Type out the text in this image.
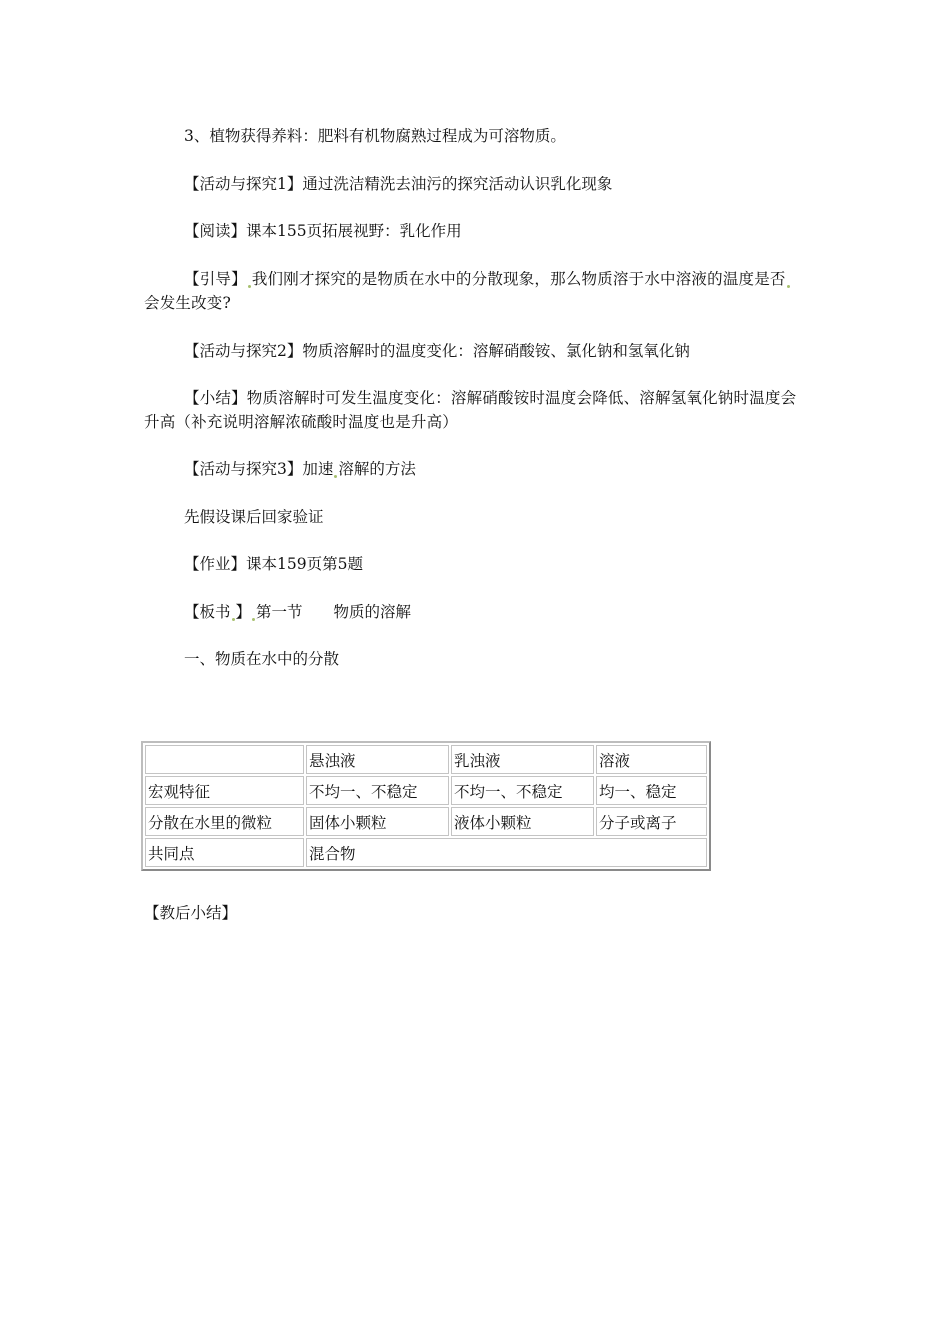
3、植物获得养料：肥料有机物腐熟过程成为可溶物质。
【活动与探究1】通过洗洁精洗去油污的探究活动认识乳化现象
【阅读】课本155页拓展视野：乳化作用
【引导】 我们刚才探究的是物质在水中的分散现象，那么物质溶于水中溶液的温度是否会发生改变?
【活动与探究2】物质溶解时的温度变化：溶解硝酸铵、氯化钠和氢氧化钠
【小结】物质溶解时可发生温度变化：溶解硝酸铵时温度会降低、溶解氢氧化钠时温度会升高（补充说明溶解浓硫酸时温度也是升高）
【活动与探究3】加速 溶解的方法
先假设课后回家验证
【作业】课本159页第5题
【板书 】 第一节　　物质的溶解
一、物质在水中的分散
	悬浊液	乳浊液	溶液
宏观特征	不均一、不稳定	不均一、不稳定	均一、稳定
分散在水里的微粒	固体小颗粒	液体小颗粒	分子或离子
共同点	混合物		
【教后小结】
